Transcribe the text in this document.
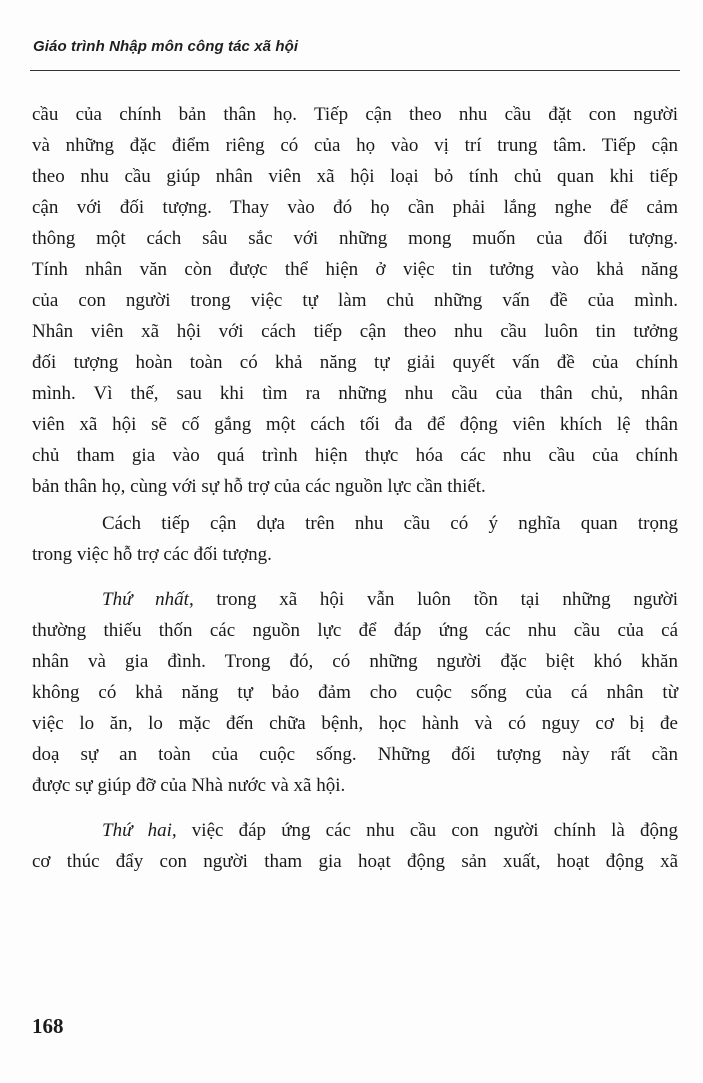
Giáo trình Nhập môn công tác xã hội
cầu của chính bản thân họ. Tiếp cận theo nhu cầu đặt con người
và những đặc điểm riêng có của họ vào vị trí trung tâm. Tiếp cận
theo nhu cầu giúp nhân viên xã hội loại bỏ tính chủ quan khi tiếp
cận với đối tượng. Thay vào đó họ cần phải lắng nghe để cảm
thông một cách sâu sắc với những mong muốn của đối tượng.
Tính nhân văn còn được thể hiện ở việc tin tưởng vào khả năng
của con người trong việc tự làm chủ những vấn đề của mình.
Nhân viên xã hội với cách tiếp cận theo nhu cầu luôn tin tưởng
đối tượng hoàn toàn có khả năng tự giải quyết vấn đề của chính
mình. Vì thế, sau khi tìm ra những nhu cầu của thân chủ, nhân
viên xã hội sẽ cố gắng một cách tối đa để động viên khích lệ thân
chủ tham gia vào quá trình hiện thực hóa các nhu cầu của chính
bản thân họ, cùng với sự hỗ trợ của các nguồn lực cần thiết.
Cách tiếp cận dựa trên nhu cầu có ý nghĩa quan trọng
trong việc hỗ trợ các đối tượng.
Thứ nhất, trong xã hội vẫn luôn tồn tại những người
thường thiếu thốn các nguồn lực để đáp ứng các nhu cầu của cá
nhân và gia đình. Trong đó, có những người đặc biệt khó khăn
không có khả năng tự bảo đảm cho cuộc sống của cá nhân từ
việc lo ăn, lo mặc đến chữa bệnh, học hành và có nguy cơ bị đe
doạ sự an toàn của cuộc sống. Những đối tượng này rất cần
được sự giúp đỡ của Nhà nước và xã hội.
Thứ hai, việc đáp ứng các nhu cầu con người chính là động
cơ thúc đẩy con người tham gia hoạt động sản xuất, hoạt động xã
168
